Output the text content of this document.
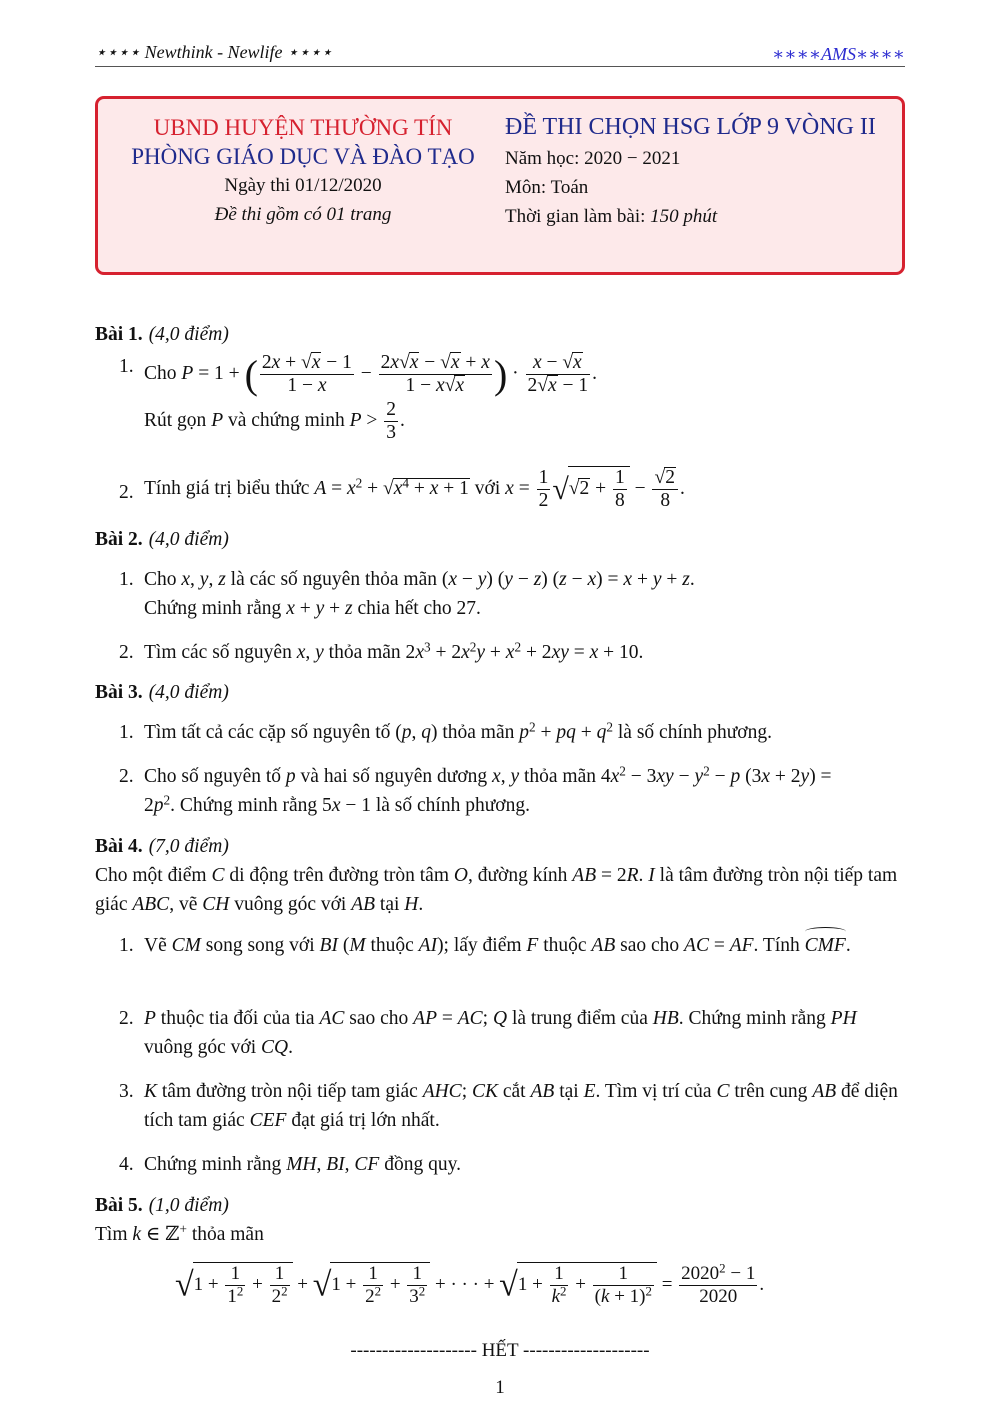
⋆⋆⋆⋆ Newthink - Newlife ⋆⋆⋆⋆	∗∗∗∗AMS∗∗∗∗
UBND HUYỆN THƯỜNG TÍN
PHÒNG GIÁO DỤC VÀ ĐÀO TẠO
Ngày thi 01/12/2020
Đề thi gồm có 01 trang
ĐỀ THI CHỌN HSG LỚP 9 VÒNG II
Năm học: 2020 − 2021
Môn: Toán
Thời gian làm bài: 150 phút
Bài 1. (4,0 điểm)
1. Cho P = 1 + ( $\frac{2x + √x - 1}{1 - x} - \frac{2x√x - √x + x}{1 - x√x}$ ) · $\frac{x - √x}{2√x - 1}$ .
Rút gọn P và chứng minh $P > \frac{2}{3}$ .
2. Tính giá trị biểu thức $A = x^2 + √x^4 + x + 1$ với $x = \frac{1}{2} √√2 + \frac{1}{8} - \frac{√2}{8}$ .
Bài 2. (4,0 điểm)
1. Cho x, y, z là các số nguyên thỏa mãn (x − y) (y − z) (z − x) = x + y + z.
Chứng minh rằng x + y + z chia hết cho 27.
2. Tìm các số nguyên x, y thỏa mãn $2x^3 + 2x^2y + x^2 + 2xy = x + 10$.
Bài 3. (4,0 điểm)
1. Tìm tất cả các cặp số nguyên tố (p, q) thỏa mãn $p^2$ + pq + $q^2$ là số chính phương.
2. Cho số nguyên tố p và hai số nguyên dương x, y thỏa mãn $4x^2 - 3xy - y^2 - p$ (3x + 2y) =
$2p^2$. Chứng minh rằng 5x − 1 là số chính phương.
Bài 4. (7,0 điểm)
Cho một điểm C di động trên đường tròn tâm O, đường kính AB = 2R. I là tâm đường tròn nội tiếp tam giác ABC, vẽ CH vuông góc với AB tại H.
1. Vẽ CM song song với BI (M thuộc AI); lấy điểm F thuộc AB sao cho AC = AF. Tính CMF.
2. P thuộc tia đối của tia AC sao cho AP = AC; Q là trung điểm của HB. Chứng minh rằng PH vuông góc với CQ.
3. K tâm đường tròn nội tiếp tam giác AHC; CK cắt AB tại E. Tìm vị trí của C trên cung AB để diện tích tam giác CEF đạt giá trị lớn nhất.
4. Chứng minh rằng MH, BI, CF đồng quy.
Bài 5. (1,0 điểm)
Tìm k ∈ ℤ+ thỏa mãn
$√1 + \frac{1}{1^2} + \frac{1}{2^2} + √1 + \frac{1}{2^2} + \frac{1}{3^2}$ + · · · + $√1 + \frac{1}{k^2} + \frac{1}{(k + 1)^2} = \frac{2020^2 - 1}{2020}$ .
-------------------- HẾT --------------------
1
